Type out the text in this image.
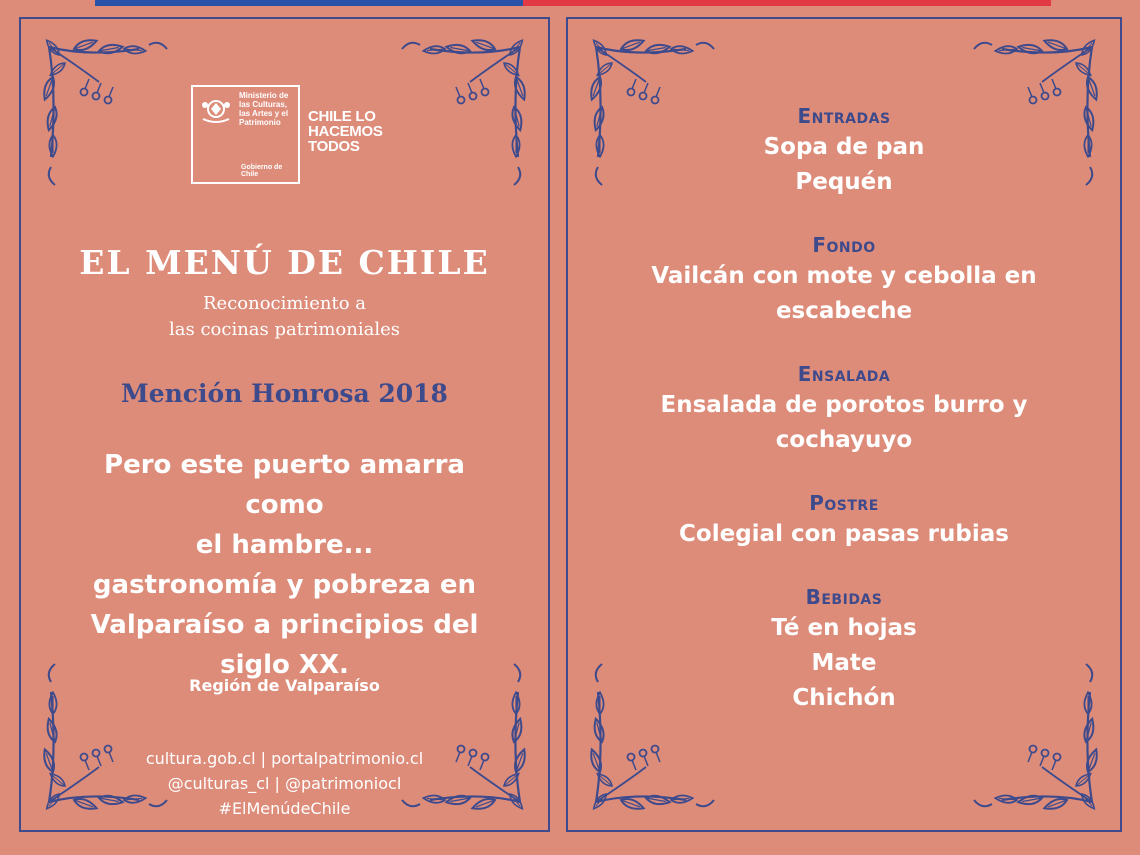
Ministerio de las Culturas, las Artes y el Patrimonio
Gobierno de Chile
CHILE LO HACEMOS TODOS
EL MENÚ DE CHILE
Reconocimiento a
las cocinas patrimoniales
Mención Honrosa 2018
Pero este puerto amarra como
el hambre...
gastronomía y pobreza en
Valparaíso a principios del
siglo XX.
Región de Valparaíso
cultura.gob.cl | portalpatrimonio.cl
@culturas_cl | @patrimoniocl
#ElMenúdeChile
Entradas
Sopa de pan
Pequén
Fondo
Vailcán con mote y cebolla en
escabeche
Ensalada
Ensalada de porotos burro y
cochayuyo
Postre
Colegial con pasas rubias
Bebidas
Té en hojas
Mate
Chichón
